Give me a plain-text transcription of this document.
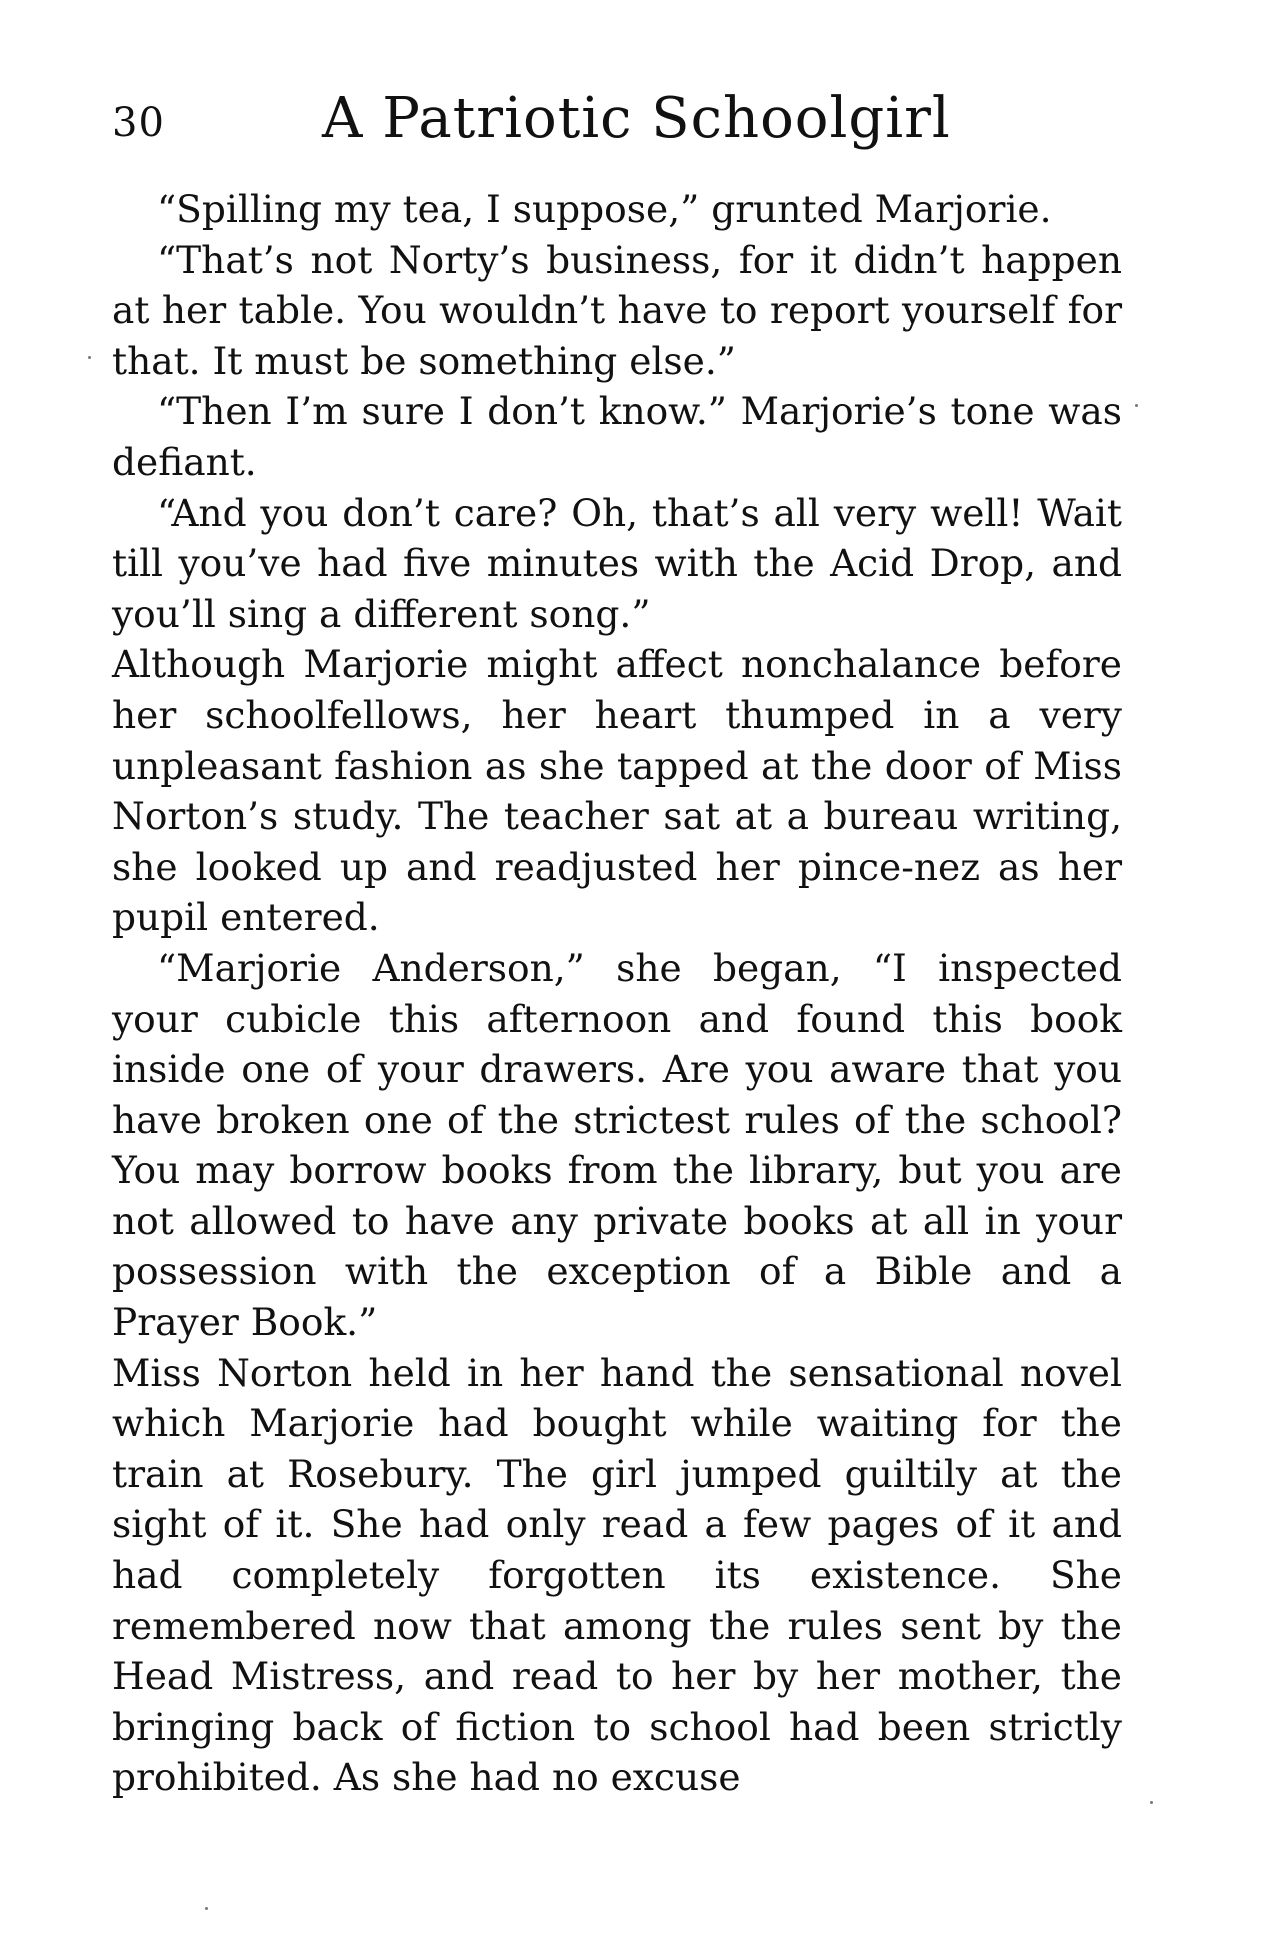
30	A Patriotic Schoolgirl

“Spilling my tea, I suppose,” grunted Marjorie.

“That’s not Norty’s business, for it didn’t happen at her table. You wouldn’t have to report yourself for that. It must be something else.”

“Then I’m sure I don’t know.” Marjorie’s tone was defiant.

“And you don’t care? Oh, that’s all very well! Wait till you’ve had five minutes with the Acid Drop, and you’ll sing a different song.”

Although Marjorie might affect nonchalance before her schoolfellows, her heart thumped in a very unpleasant fashion as she tapped at the door of Miss Norton’s study. The teacher sat at a bureau writing, she looked up and readjusted her pince-nez as her pupil entered.

“Marjorie Anderson,” she began, “I inspected your cubicle this afternoon and found this book inside one of your drawers. Are you aware that you have broken one of the strictest rules of the school? You may borrow books from the library, but you are not allowed to have any private books at all in your possession with the exception of a Bible and a Prayer Book.”

Miss Norton held in her hand the sensational novel which Marjorie had bought while waiting for the train at Rosebury. The girl jumped guiltily at the sight of it. She had only read a few pages of it and had completely forgotten its existence. She remembered now that among the rules sent by the Head Mistress, and read to her by her mother, the bringing back of fiction to school had been strictly prohibited. As she had no excuse
